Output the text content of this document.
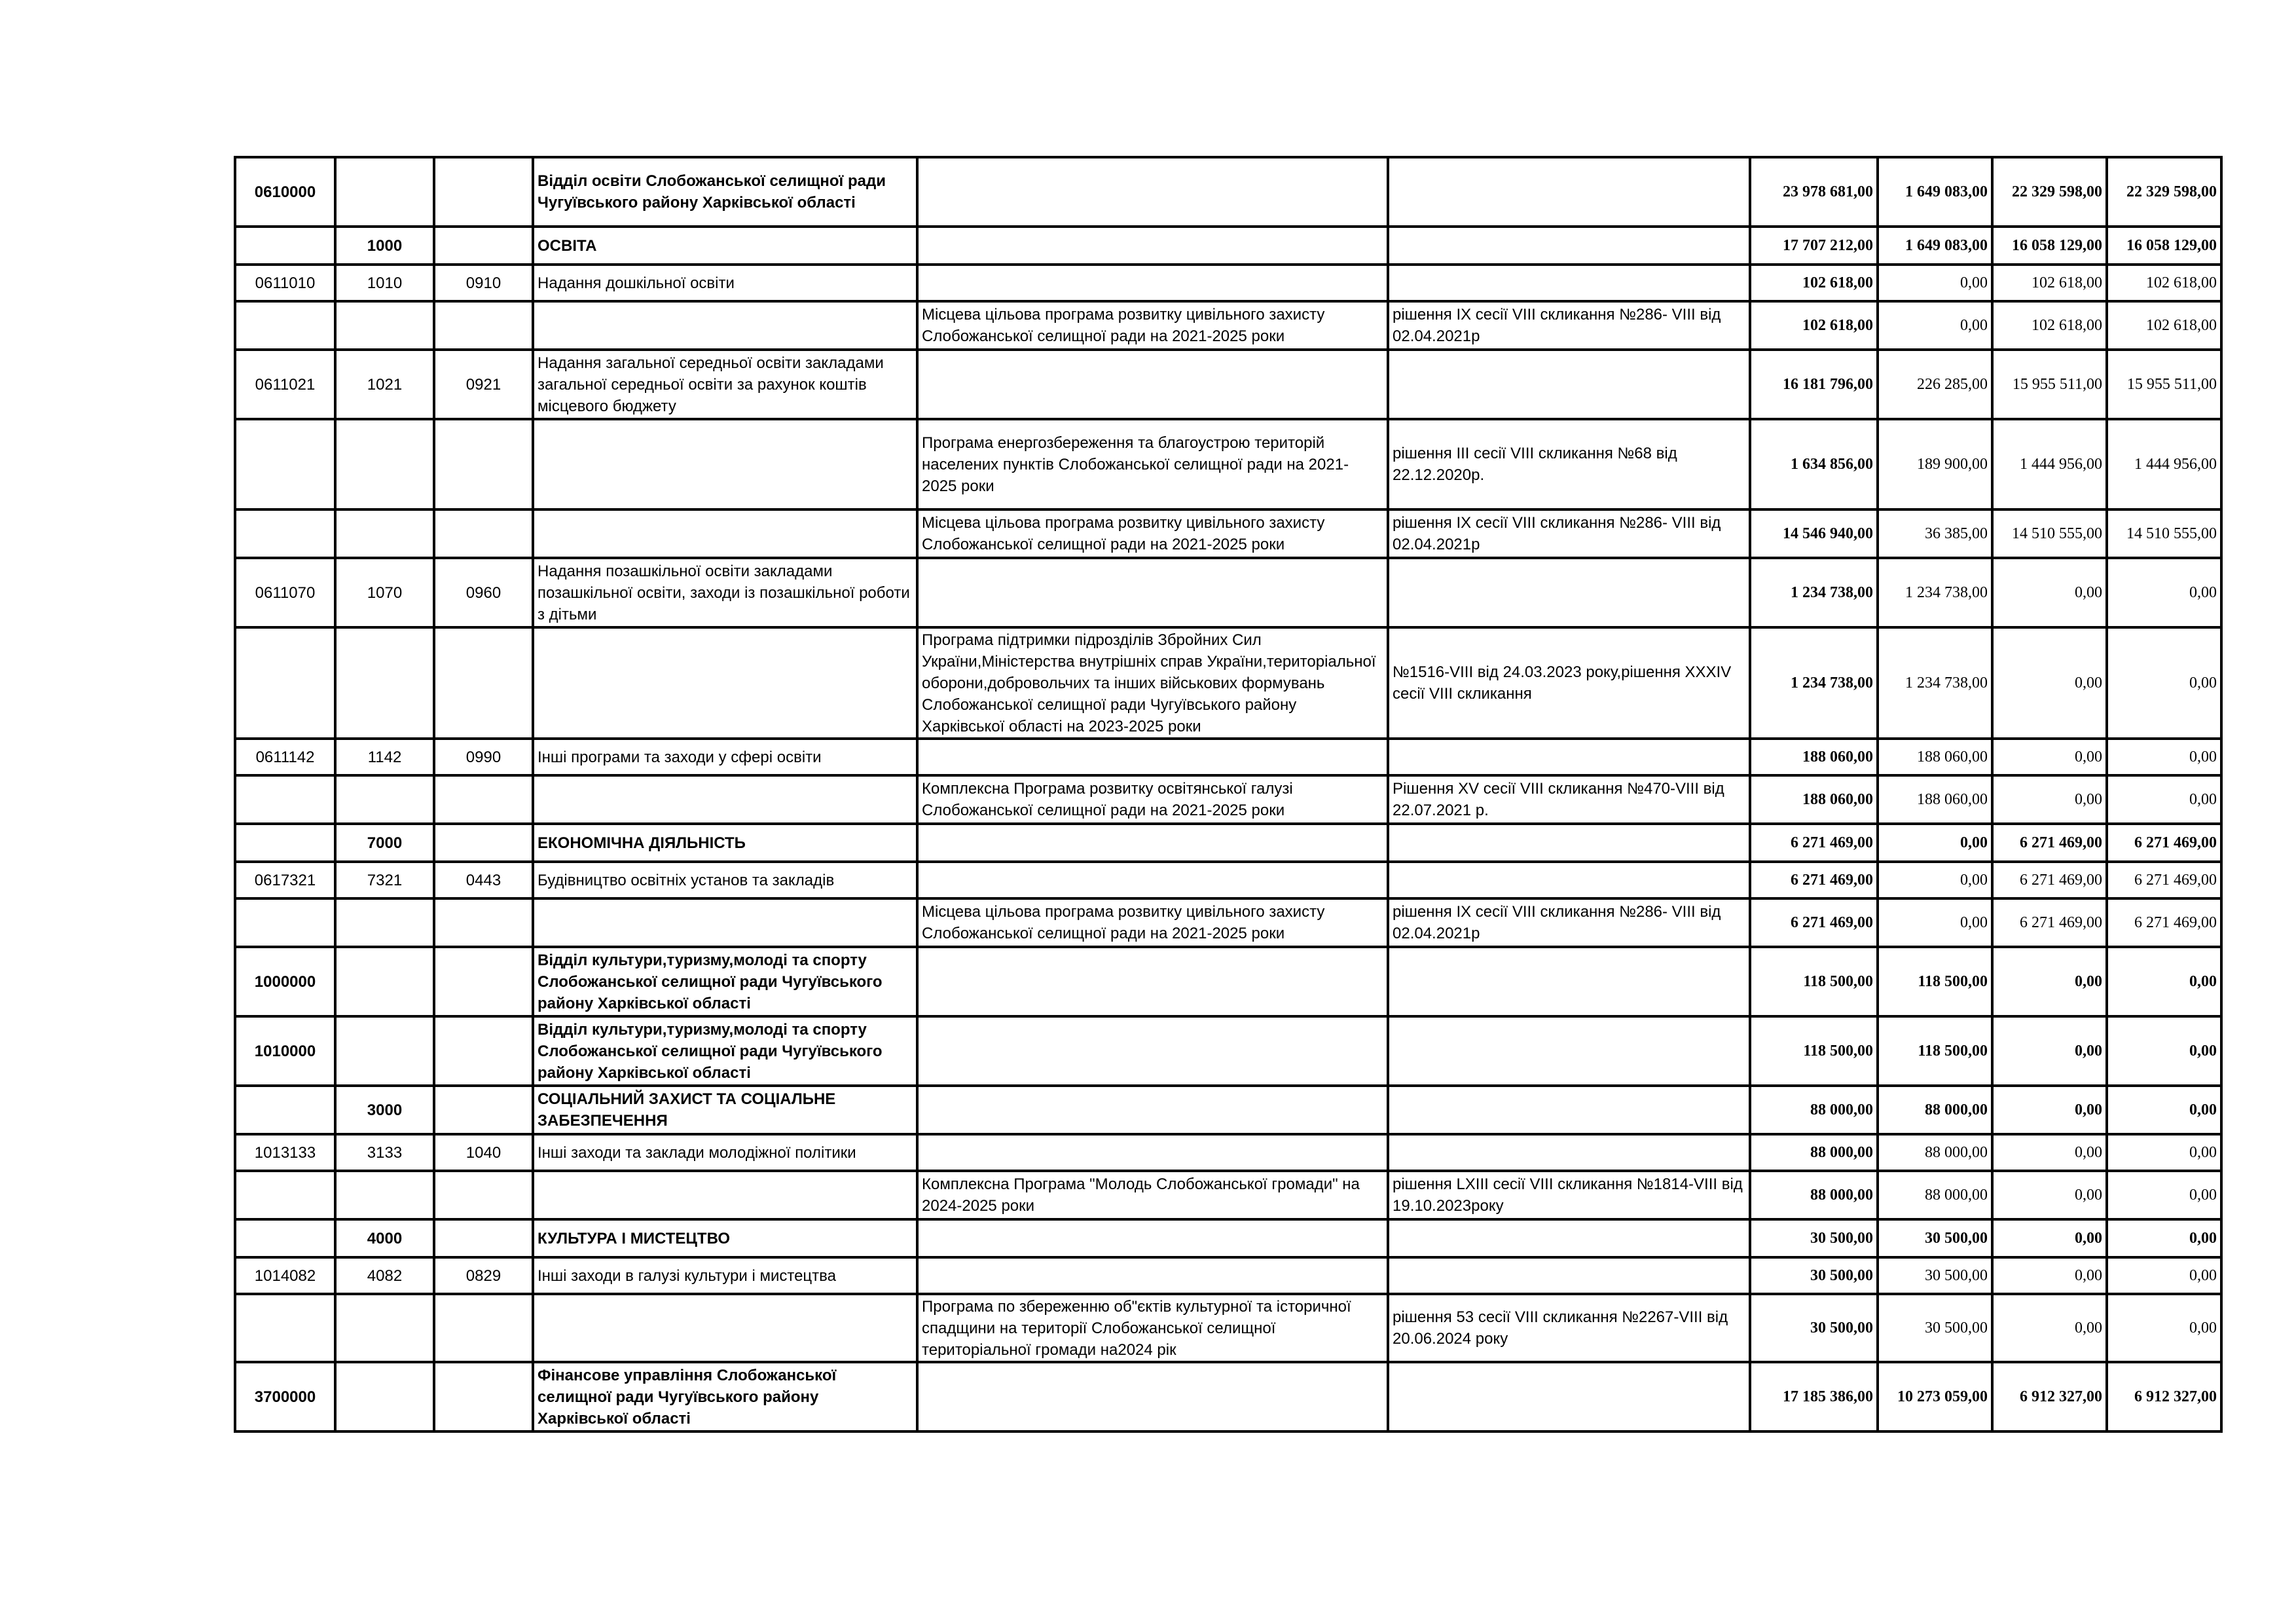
0610000			Відділ освіти Слобожанської селищної ради Чугуївського району Харківської області			23 978 681,00	1 649 083,00	22 329 598,00	22 329 598,00
	1000		ОСВІТА			17 707 212,00	1 649 083,00	16 058 129,00	16 058 129,00
0611010	1010	0910	Надання дошкільної освіти			102 618,00	0,00	102 618,00	102 618,00
				Місцева цільова програма розвитку цивільного захисту Слобожанської селищної ради на 2021-2025 роки	рішення IX сесії VIII скликання №286- VIII від 02.04.2021р	102 618,00	0,00	102 618,00	102 618,00
0611021	1021	0921	Надання загальної середньої освіти закладами загальної середньої освіти за рахунок коштів місцевого бюджету			16 181 796,00	226 285,00	15 955 511,00	15 955 511,00
				Програма енергозбереження та благоустрою територій населених пунктів Слобожанської селищної ради на 2021-2025 роки	рішення III сесії VIII скликання №68 від 22.12.2020р.	1 634 856,00	189 900,00	1 444 956,00	1 444 956,00
				Місцева цільова програма розвитку цивільного захисту Слобожанської селищної ради на 2021-2025 роки	рішення IX сесії VIII скликання №286- VIII від 02.04.2021р	14 546 940,00	36 385,00	14 510 555,00	14 510 555,00
0611070	1070	0960	Надання позашкільної освіти закладами позашкільної освіти, заходи із позашкільної роботи з дітьми			1 234 738,00	1 234 738,00	0,00	0,00
				Програма підтримки підрозділів Збройних Сил України,Міністерства внутрішніх справ України,територіальної оборони,добровольчих та інших військових формувань Слобожанської селищної ради Чугуївського району Харківської області на 2023-2025 роки	№1516-VIII від 24.03.2023 року,рішення XXXIV сесії VIII скликання	1 234 738,00	1 234 738,00	0,00	0,00
0611142	1142	0990	Інші програми та заходи у сфері освіти			188 060,00	188 060,00	0,00	0,00
				Комплексна Програма розвитку освітянської галузі Слобожанської селищної ради на 2021-2025 роки	Рішення XV сесії VIII скликання №470-VIII від 22.07.2021 р.	188 060,00	188 060,00	0,00	0,00
	7000		ЕКОНОМІЧНА ДІЯЛЬНІСТЬ			6 271 469,00	0,00	6 271 469,00	6 271 469,00
0617321	7321	0443	Будівництво освітніх установ та закладів			6 271 469,00	0,00	6 271 469,00	6 271 469,00
				Місцева цільова програма розвитку цивільного захисту Слобожанської селищної ради на 2021-2025 роки	рішення IX сесії VIII скликання №286- VIII від 02.04.2021р	6 271 469,00	0,00	6 271 469,00	6 271 469,00
1000000			Відділ культури,туризму,молоді та спорту Слобожанської селищної ради Чугуївського району Харківської області			118 500,00	118 500,00	0,00	0,00
1010000			Відділ культури,туризму,молоді та спорту Слобожанської селищної ради Чугуївського району Харківської області			118 500,00	118 500,00	0,00	0,00
	3000		СОЦІАЛЬНИЙ ЗАХИСТ ТА СОЦІАЛЬНЕ ЗАБЕЗПЕЧЕННЯ			88 000,00	88 000,00	0,00	0,00
1013133	3133	1040	Інші заходи та заклади молодіжної політики			88 000,00	88 000,00	0,00	0,00
				Комплексна Програма "Молодь Слобожанської громади" на 2024-2025 роки	рішення LXIII сесії VIII скликання №1814-VIII від 19.10.2023року	88 000,00	88 000,00	0,00	0,00
	4000		КУЛЬТУРА І МИСТЕЦТВО			30 500,00	30 500,00	0,00	0,00
1014082	4082	0829	Інші заходи в галузі культури і мистецтва			30 500,00	30 500,00	0,00	0,00
				Програма по збереженню об"єктів культурної та історичної спадщини на території Слобожанської селищної територіальної громади на2024 рік	рішення 53 сесії VIII скликання №2267-VIII від 20.06.2024 року	30 500,00	30 500,00	0,00	0,00
3700000			Фінансове управління Слобожанської селищної ради Чугуївського району Харківської області			17 185 386,00	10 273 059,00	6 912 327,00	6 912 327,00
